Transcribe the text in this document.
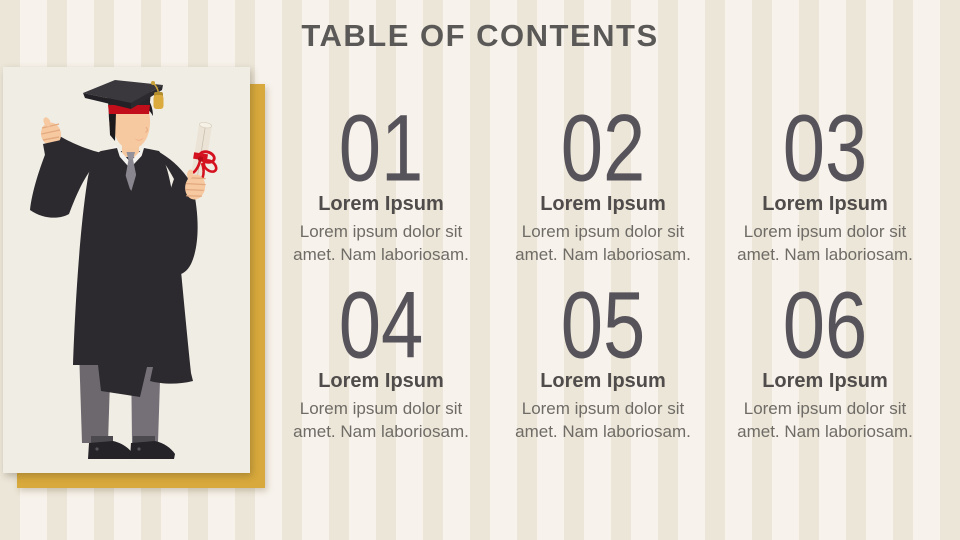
TABLE OF CONTENTS
01
Lorem Ipsum
Lorem ipsum dolor sit amet. Nam laboriosam.
02
Lorem Ipsum
Lorem ipsum dolor sit amet. Nam laboriosam.
03
Lorem Ipsum
Lorem ipsum dolor sit amet. Nam laboriosam.
04
Lorem Ipsum
Lorem ipsum dolor sit amet. Nam laboriosam.
05
Lorem Ipsum
Lorem ipsum dolor sit amet. Nam laboriosam.
06
Lorem Ipsum
Lorem ipsum dolor sit amet. Nam laboriosam.
